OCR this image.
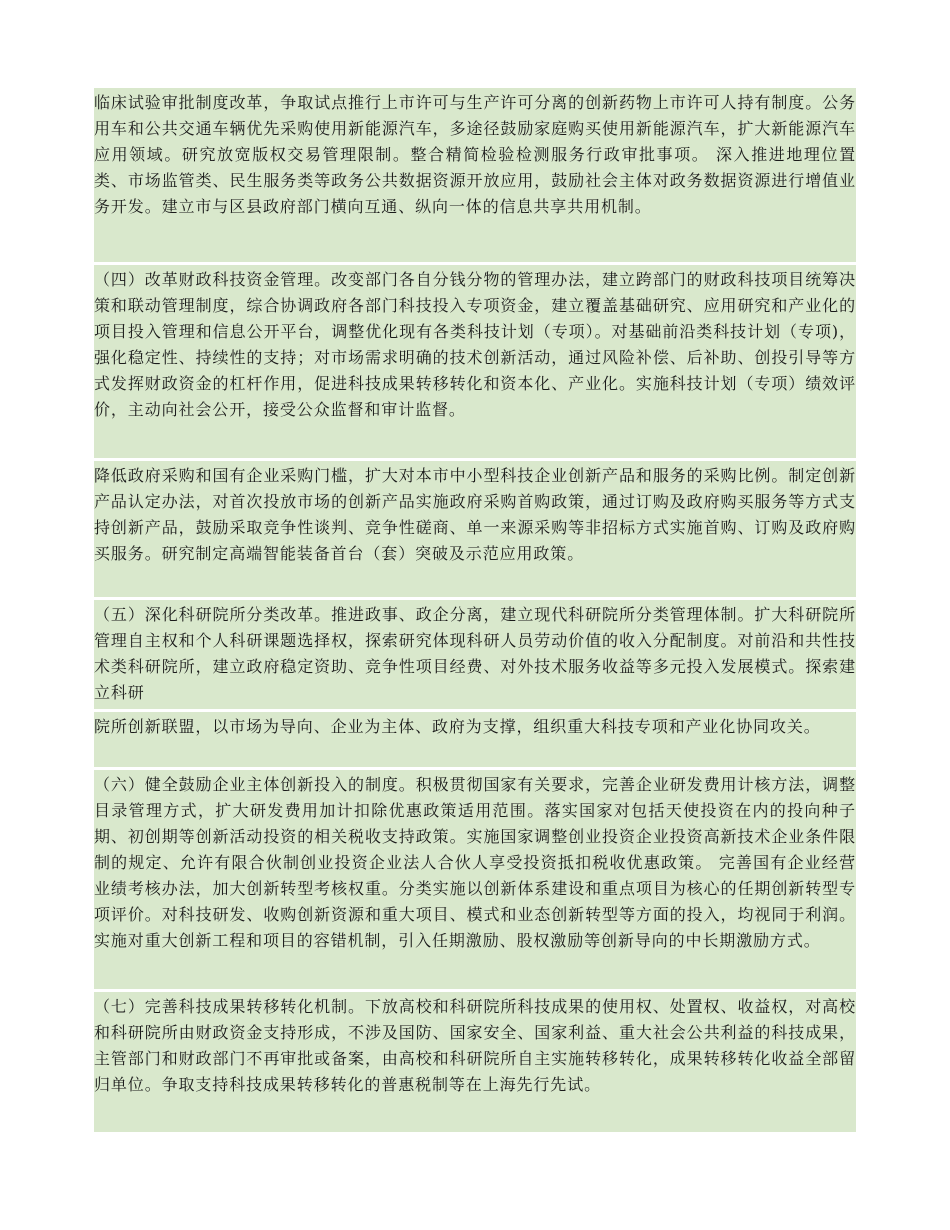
临床试验审批制度改革，争取试点推行上市许可与生产许可分离的创新药物上市许可人持有制度。公务用车和公共交通车辆优先采购使用新能源汽车，多途径鼓励家庭购买使用新能源汽车，扩大新能源汽车应用领域。研究放宽版权交易管理限制。整合精简检验检测服务行政审批事项。 深入推进地理位置类、市场监管类、民生服务类等政务公共数据资源开放应用，鼓励社会主体对政务数据资源进行增值业务开发。建立市与区县政府部门横向互通、纵向一体的信息共享共用机制。
（四）改革财政科技资金管理。改变部门各自分钱分物的管理办法，建立跨部门的财政科技项目统筹决策和联动管理制度，综合协调政府各部门科技投入专项资金，建立覆盖基础研究、应用研究和产业化的项目投入管理和信息公开平台，调整优化现有各类科技计划（专项）。对基础前沿类科技计划（专项)，强化稳定性、持续性的支持；对市场需求明确的技术创新活动，通过风险补偿、后补助、创投引导等方式发挥财政资金的杠杆作用，促进科技成果转移转化和资本化、产业化。实施科技计划（专项）绩效评价，主动向社会公开，接受公众监督和审计监督。
降低政府采购和国有企业采购门槛，扩大对本市中小型科技企业创新产品和服务的采购比例。制定创新产品认定办法，对首次投放市场的创新产品实施政府采购首购政策，通过订购及政府购买服务等方式支持创新产品，鼓励采取竞争性谈判、竞争性磋商、单一来源采购等非招标方式实施首购、订购及政府购买服务。研究制定高端智能装备首台（套）突破及示范应用政策。
（五）深化科研院所分类改革。推进政事、政企分离，建立现代科研院所分类管理体制。扩大科研院所管理自主权和个人科研课题选择权，探索研究体现科研人员劳动价值的收入分配制度。对前沿和共性技术类科研院所，建立政府稳定资助、竞争性项目经费、对外技术服务收益等多元投入发展模式。探索建立科研
院所创新联盟，以市场为导向、企业为主体、政府为支撑，组织重大科技专项和产业化协同攻关。
（六）健全鼓励企业主体创新投入的制度。积极贯彻国家有关要求，完善企业研发费用计核方法，调整目录管理方式，扩大研发费用加计扣除优惠政策适用范围。落实国家对包括天使投资在内的投向种子期、初创期等创新活动投资的相关税收支持政策。实施国家调整创业投资企业投资高新技术企业条件限制的规定、允许有限合伙制创业投资企业法人合伙人享受投资抵扣税收优惠政策。 完善国有企业经营业绩考核办法，加大创新转型考核权重。分类实施以创新体系建设和重点项目为核心的任期创新转型专项评价。对科技研发、收购创新资源和重大项目、模式和业态创新转型等方面的投入，均视同于利润。实施对重大创新工程和项目的容错机制，引入任期激励、股权激励等创新导向的中长期激励方式。
（七）完善科技成果转移转化机制。下放高校和科研院所科技成果的使用权、处置权、收益权，对高校和科研院所由财政资金支持形成，不涉及国防、国家安全、国家利益、重大社会公共利益的科技成果，主管部门和财政部门不再审批或备案，由高校和科研院所自主实施转移转化，成果转移转化收益全部留归单位。争取支持科技成果转移转化的普惠税制等在上海先行先试。
